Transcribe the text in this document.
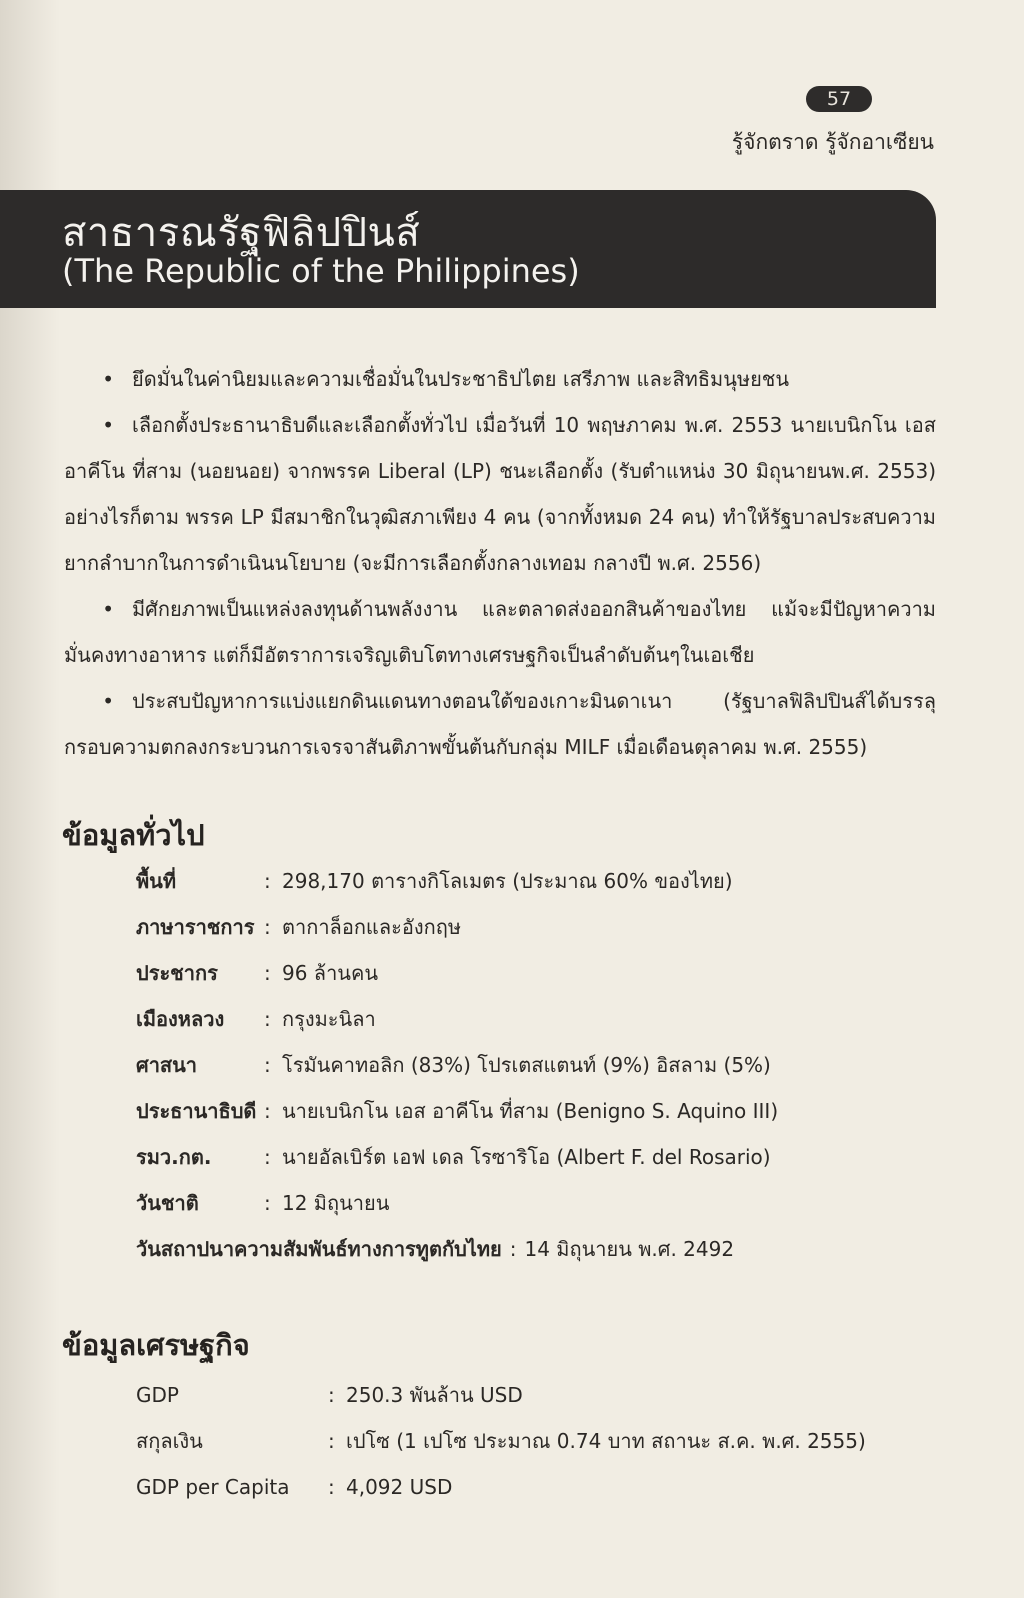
57
รู้จักตราด รู้จักอาเซียน
สาธารณรัฐฟิลิปปินส์
(The Republic of the Philippines)

• ยึดมั่นในค่านิยมและความเชื่อมั่นในประชาธิปไตย เสรีภาพ และสิทธิมนุษยชน

• เลือกตั้งประธานาธิบดีและเลือกตั้งทั่วไป เมื่อวันที่ 10 พฤษภาคม พ.ศ. 2553 นายเบนิกโน เอส อาคีโน ที่สาม (นอยนอย) จากพรรค Liberal (LP) ชนะเลือกตั้ง (รับตำแหน่ง 30 มิถุนายนพ.ศ. 2553) อย่างไรก็ตาม พรรค LP มีสมาชิกในวุฒิสภาเพียง 4 คน (จากทั้งหมด 24 คน) ทำให้รัฐบาลประสบความยากลำบากในการดำเนินนโยบาย (จะมีการเลือกตั้งกลางเทอม กลางปี พ.ศ. 2556)

• มีศักยภาพเป็นแหล่งลงทุนด้านพลังงาน และตลาดส่งออกสินค้าของไทย แม้จะมีปัญหาความมั่นคงทางอาหาร แต่ก็มีอัตราการเจริญเติบโตทางเศรษฐกิจเป็นลำดับต้นๆในเอเชีย

• ประสบปัญหาการแบ่งแยกดินแดนทางตอนใต้ของเกาะมินดาเนา (รัฐบาลฟิลิปปินส์ได้บรรลุกรอบความตกลงกระบวนการเจรจาสันติภาพขั้นต้นกับกลุ่ม MILF เมื่อเดือนตุลาคม พ.ศ. 2555)

ข้อมูลทั่วไป
พื้นที่	: 298,170 ตารางกิโลเมตร (ประมาณ 60% ของไทย)
ภาษาราชการ : ตากาล็อกและอังกฤษ
ประชากร	: 96 ล้านคน
เมืองหลวง	: กรุงมะนิลา
ศาสนา	: โรมันคาทอลิก (83%) โปรเตสแตนท์ (9%) อิสลาม (5%)
ประธานาธิบดี : นายเบนิกโน เอส อาคีโน ที่สาม (Benigno S. Aquino III)
รมว.กต.	: นายอัลเบิร์ต เอฟ เดล โรซาริโอ (Albert F. del Rosario)
วันชาติ	: 12 มิถุนายน
วันสถาปนาความสัมพันธ์ทางการทูตกับไทย : 14 มิถุนายน พ.ศ. 2492
ข้อมูลเศรษฐกิจ
GDP	: 250.3 พันล้าน USD
สกุลเงิน	: เปโซ (1 เปโซ ประมาณ 0.74 บาท สถานะ ส.ค. พ.ศ. 2555)
GDP per Capita	: 4,092 USD
